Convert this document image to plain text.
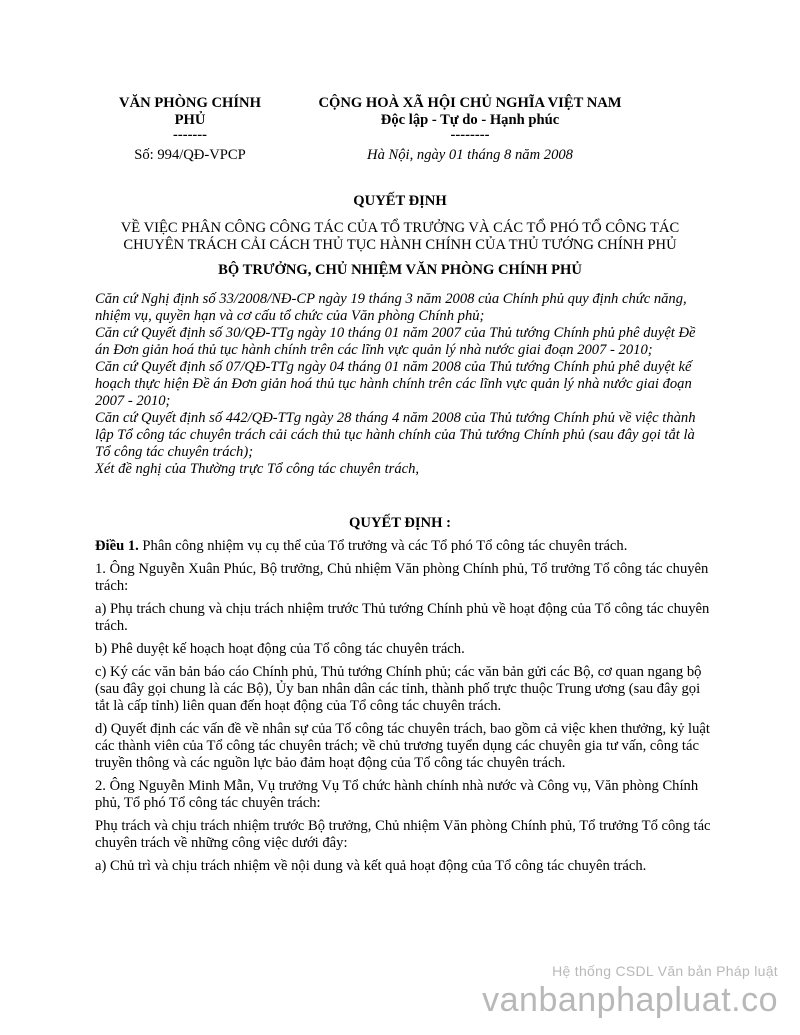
VĂN PHÒNG CHÍNH
PHỦ
-------
Số: 994/QĐ-VPCP
CỘNG HOÀ XÃ HỘI CHỦ NGHĨA VIỆT NAM
Độc lập - Tự do - Hạnh phúc
--------
Hà Nội, ngày 01 tháng 8 năm 2008
QUYẾT ĐỊNH
VỀ VIỆC PHÂN CÔNG CÔNG TÁC CỦA TỔ TRƯỞNG VÀ CÁC TỔ PHÓ TỔ CÔNG TÁC
CHUYÊN TRÁCH CẢI CÁCH THỦ TỤC HÀNH CHÍNH CỦA THỦ TƯỚNG CHÍNH PHỦ
BỘ TRƯỞNG, CHỦ NHIỆM VĂN PHÒNG CHÍNH PHỦ

Căn cứ Nghị định số 33/2008/NĐ-CP ngày 19 tháng 3 năm 2008 của Chính phủ quy định chức năng, nhiệm vụ, quyền hạn và cơ cấu tổ chức của Văn phòng Chính phủ;

Căn cứ Quyết định số 30/QĐ-TTg ngày 10 tháng 01 năm 2007 của Thủ tướng Chính phủ phê duyệt Đề án Đơn giản hoá thủ tục hành chính trên các lĩnh vực quản lý nhà nước giai đoạn 2007 - 2010;

Căn cứ Quyết định số 07/QĐ-TTg ngày 04 tháng 01 năm 2008 của Thủ tướng Chính phủ phê duyệt kế hoạch thực hiện Đề án Đơn giản hoá thủ tục hành chính trên các lĩnh vực quản lý nhà nước giai đoạn 2007 - 2010;

Căn cứ Quyết định số 442/QĐ-TTg ngày 28 tháng 4 năm 2008 của Thủ tướng Chính phủ về việc thành lập Tổ công tác chuyên trách cải cách thủ tục hành chính của Thủ tướng Chính phủ (sau đây gọi tắt là Tổ công tác chuyên trách);

Xét đề nghị của Thường trực Tổ công tác chuyên trách,

QUYẾT ĐỊNH :

Điều 1. Phân công nhiệm vụ cụ thể của Tổ trưởng và các Tổ phó Tổ công tác chuyên trách.

1. Ông Nguyễn Xuân Phúc, Bộ trưởng, Chủ nhiệm Văn phòng Chính phủ, Tổ trưởng Tổ công tác chuyên trách:

a) Phụ trách chung và chịu trách nhiệm trước Thủ tướng Chính phủ về hoạt động của Tổ công tác chuyên trách.

b) Phê duyệt kế hoạch hoạt động của Tổ công tác chuyên trách.

c) Ký các văn bản báo cáo Chính phủ, Thủ tướng Chính phủ; các văn bản gửi các Bộ, cơ quan ngang bộ (sau đây gọi chung là các Bộ), Ủy ban nhân dân các tỉnh, thành phố trực thuộc Trung ương (sau đây gọi tắt là cấp tỉnh) liên quan đến hoạt động của Tổ công tác chuyên trách.

d) Quyết định các vấn đề về nhân sự của Tổ công tác chuyên trách, bao gồm cả việc khen thưởng, kỷ luật các thành viên của Tổ công tác chuyên trách; về chủ trương tuyển dụng các chuyên gia tư vấn, công tác truyền thông và các nguồn lực bảo đảm hoạt động của Tổ công tác chuyên trách.

2. Ông Nguyễn Minh Mẫn, Vụ trưởng Vụ Tổ chức hành chính nhà nước và Công vụ, Văn phòng Chính phủ, Tổ phó Tổ công tác chuyên trách:

Phụ trách và chịu trách nhiệm trước Bộ trưởng, Chủ nhiệm Văn phòng Chính phủ, Tổ trưởng Tổ công tác chuyên trách về những công việc dưới đây:

a) Chủ trì và chịu trách nhiệm về nội dung và kết quả hoạt động của Tổ công tác chuyên trách.

Hệ thống CSDL Văn bản Pháp luật
vanbanphapluat.co
